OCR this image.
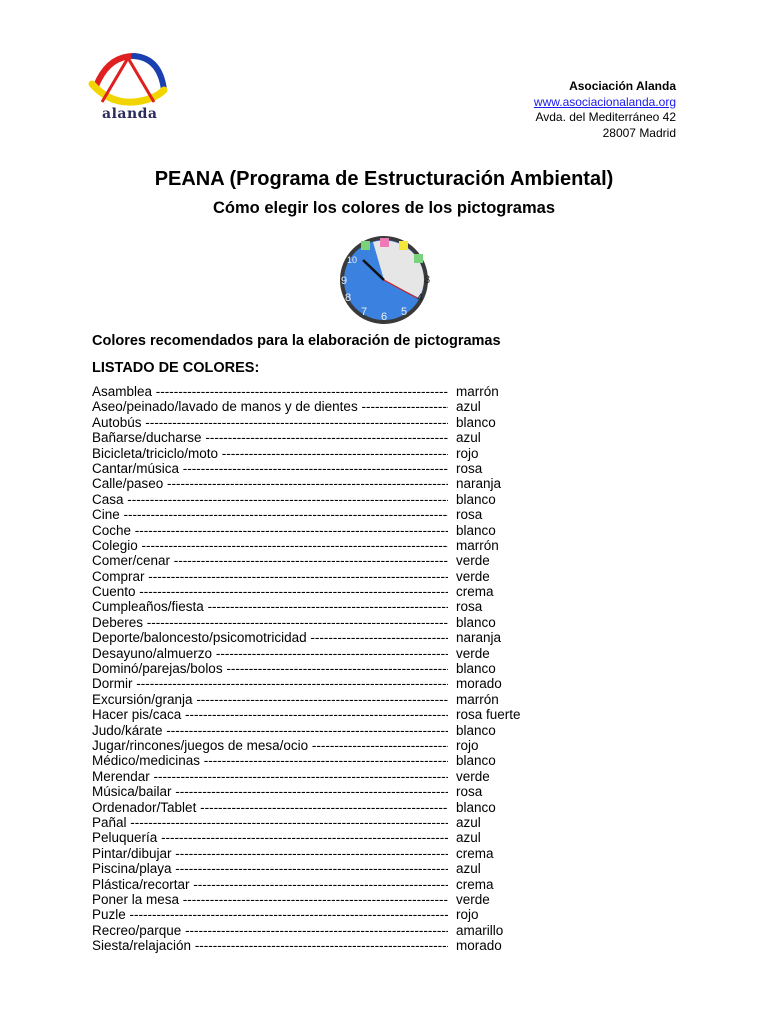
alanda
Asociación Alanda
www.asociacionalanda.org
Avda. del Mediterráneo 42
28007 Madrid
PEANA (Programa de Estructuración Ambiental)
Cómo elegir los colores de los pictogramas
3
4
5
6
7
8
9
10
Colores recomendados para la elaboración de pictogramas
LISTADO DE COLORES:
Asamblea -----	marrón
Aseo/peinado/lavado de manos y de dientes -----	azul
Autobús -----	blanco
Bañarse/ducharse -----	azul
Bicicleta/triciclo/moto -----	rojo
Cantar/música -----	rosa
Calle/paseo -----	naranja
Casa -----	blanco
Cine -----	rosa
Coche -----	blanco
Colegio -----	marrón
Comer/cenar -----	verde
Comprar -----	verde
Cuento -----	crema
Cumpleaños/fiesta -----	rosa
Deberes -----	blanco
Deporte/baloncesto/psicomotricidad -----	naranja
Desayuno/almuerzo -----	verde
Dominó/parejas/bolos -----	blanco
Dormir -----	morado
Excursión/granja -----	marrón
Hacer pis/caca -----	rosa fuerte
Judo/kárate -----	blanco
Jugar/rincones/juegos de mesa/ocio -----	rojo
Médico/medicinas -----	blanco
Merendar -----	verde
Música/bailar -----	rosa
Ordenador/Tablet -----	blanco
Pañal -----	azul
Peluquería -----	azul
Pintar/dibujar -----	crema
Piscina/playa -----	azul
Plástica/recortar -----	crema
Poner la mesa -----	verde
Puzle -----	rojo
Recreo/parque -----	amarillo
Siesta/relajación -----	morado
